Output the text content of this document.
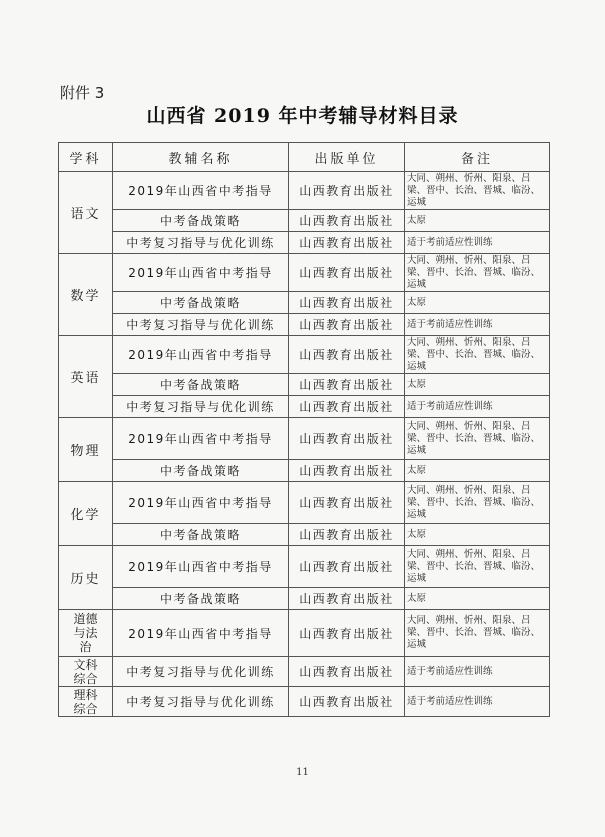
附件 3
山西省 2019 年中考辅导材料目录
学科	教辅名称	出版单位	备注
语文	2019年山西省中考指导	山西教育出版社	大同、朔州、忻州、阳泉、吕梁、晋中、长治、晋城、临汾、运城
	中考备战策略	山西教育出版社	太原
	中考复习指导与优化训练	山西教育出版社	适于考前适应性训练
数学	2019年山西省中考指导	山西教育出版社	大同、朔州、忻州、阳泉、吕梁、晋中、长治、晋城、临汾、运城
	中考备战策略	山西教育出版社	太原
	中考复习指导与优化训练	山西教育出版社	适于考前适应性训练
英语	2019年山西省中考指导	山西教育出版社	大同、朔州、忻州、阳泉、吕梁、晋中、长治、晋城、临汾、运城
	中考备战策略	山西教育出版社	太原
	中考复习指导与优化训练	山西教育出版社	适于考前适应性训练
物理	2019年山西省中考指导	山西教育出版社	大同、朔州、忻州、阳泉、吕梁、晋中、长治、晋城、临汾、运城
	中考备战策略	山西教育出版社	太原
化学	2019年山西省中考指导	山西教育出版社	大同、朔州、忻州、阳泉、吕梁、晋中、长治、晋城、临汾、运城
	中考备战策略	山西教育出版社	太原
历史	2019年山西省中考指导	山西教育出版社	大同、朔州、忻州、阳泉、吕梁、晋中、长治、晋城、临汾、运城
	中考备战策略	山西教育出版社	太原

道德与法治	2019年山西省中考指导	山西教育出版社	大同、朔州、忻州、阳泉、吕梁、晋中、长治、晋城、临汾、运城

文科综合	中考复习指导与优化训练	山西教育出版社	适于考前适应性训练

理科综合	中考复习指导与优化训练	山西教育出版社	适于考前适应性训练
11
